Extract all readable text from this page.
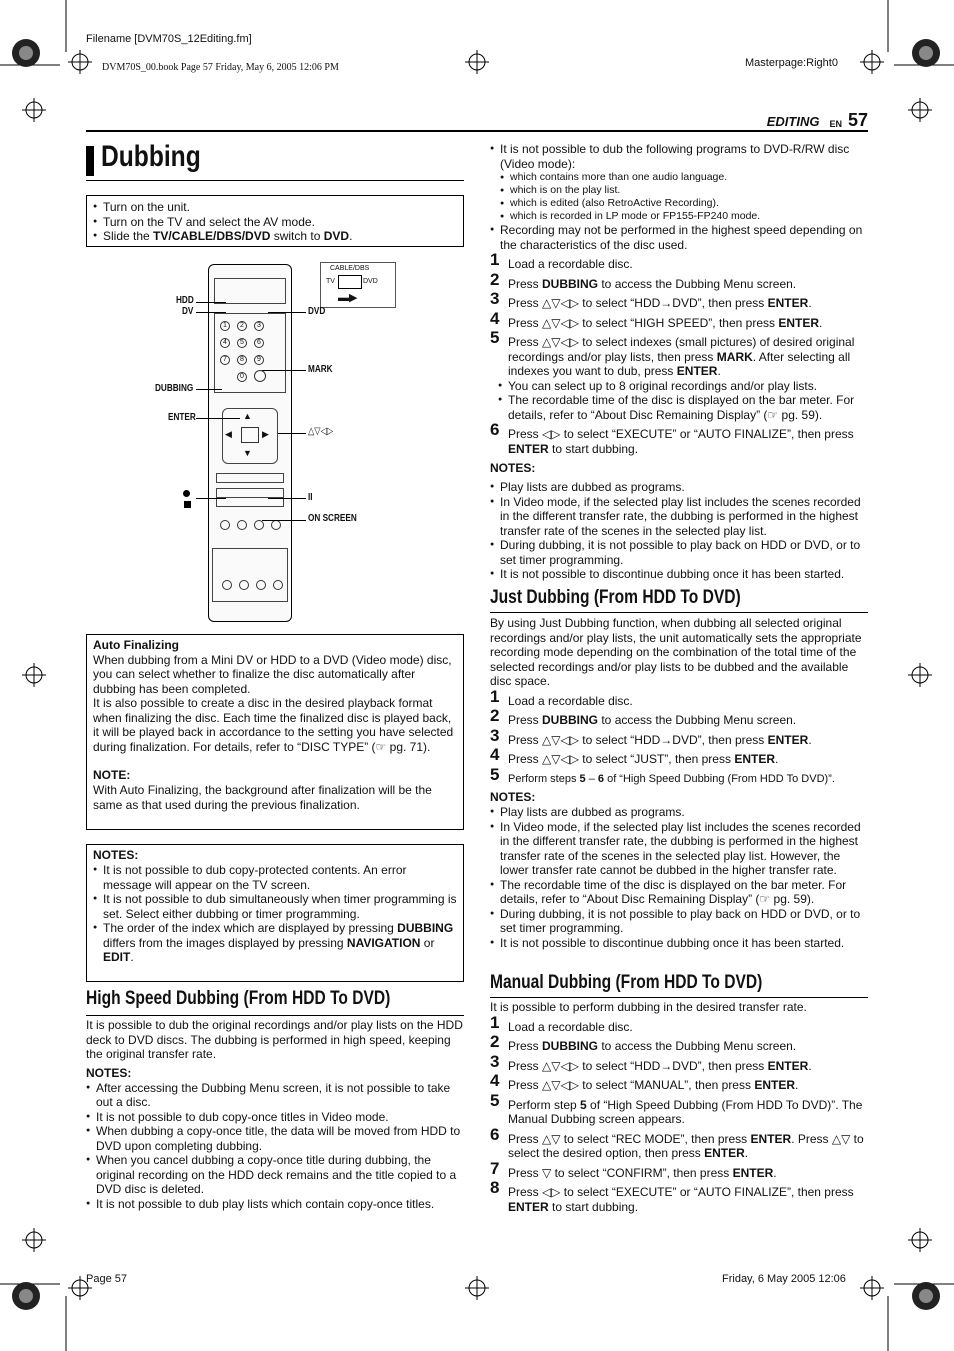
Filename [DVM70S_12Editing.fm]
DVM70S_00.book Page 57 Friday, May 6, 2005 12:06 PM	Masterpage:Right0
Page 57	Friday, 6 May 2005 12:06
EDITING EN 57
Dubbing
● Turn on the unit.
● Turn on the TV and select the AV mode.
● Slide the TV/CABLE/DBS/DVD switch to DVD.
1	2	3
4	5	6
7	8	9
0
▲
▼
◀	▶
CABLE/DBS
TV	DVD
▬▶
HDD
DV	DVD
MARK
DUBBING
ENTER
△▽◁▷
II
ON SCREEN
Auto Finalizing
When dubbing from a Mini DV or HDD to a DVD (Video mode) disc, you can select whether to finalize the disc automatically after dubbing has been completed.
It is also possible to create a disc in the desired playback format when finalizing the disc. Each time the finalized disc is played back, it will be played back in accordance to the setting you have selected during finalization. For details, refer to “DISC TYPE” (☞ pg. 71).
NOTE:
With Auto Finalizing, the background after finalization will be the same as that used during the previous finalization.
NOTES:
● It is not possible to dub copy-protected contents. An error message will appear on the TV screen.
● It is not possible to dub simultaneously when timer programming is set. Select either dubbing or timer programming.
● The order of the index which are displayed by pressing DUBBING differs from the images displayed by pressing NAVIGATION or EDIT.
High Speed Dubbing (From HDD To DVD)
It is possible to dub the original recordings and/or play lists on the HDD deck to DVD discs. The dubbing is performed in high speed, keeping the original transfer rate.
NOTES:
● After accessing the Dubbing Menu screen, it is not possible to take out a disc.
● It is not possible to dub copy-once titles in Video mode.
● When dubbing a copy-once title, the data will be moved from HDD to DVD upon completing dubbing.
● When you cancel dubbing a copy-once title during dubbing, the original recording on the HDD deck remains and the title copied to a DVD disc is deleted.
● It is not possible to dub play lists which contain copy-once titles.
● It is not possible to dub the following programs to DVD-R/RW disc (Video mode):
● which contains more than one audio language.
● which is on the play list.
● which is edited (also RetroActive Recording).
● which is recorded in LP mode or FP155-FP240 mode.
● Recording may not be performed in the highest speed depending on the characteristics of the disc used.
1 Load a recordable disc.
2 Press DUBBING to access the Dubbing Menu screen.
3 Press △▽◁▷ to select “HDD→DVD”, then press ENTER.
4 Press △▽◁▷ to select “HIGH SPEED”, then press ENTER.
5 Press △▽◁▷ to select indexes (small pictures) of desired original recordings and/or play lists, then press MARK. After selecting all indexes you want to dub, press ENTER.
● You can select up to 8 original recordings and/or play lists.
● The recordable time of the disc is displayed on the bar meter. For details, refer to “About Disc Remaining Display” (☞ pg. 59).
6 Press ◁▷ to select “EXECUTE” or “AUTO FINALIZE”, then press ENTER to start dubbing.
NOTES:
● Play lists are dubbed as programs.
● In Video mode, if the selected play list includes the scenes recorded in the different transfer rate, the dubbing is performed in the highest transfer rate of the scenes in the selected play list.
● During dubbing, it is not possible to play back on HDD or DVD, or to set timer programming.
● It is not possible to discontinue dubbing once it has been started.
Just Dubbing (From HDD To DVD)
By using Just Dubbing function, when dubbing all selected original recordings and/or play lists, the unit automatically sets the appropriate recording mode depending on the combination of the total time of the selected recordings and/or play lists to be dubbed and the available disc space.
1 Load a recordable disc.
2 Press DUBBING to access the Dubbing Menu screen.
3 Press △▽◁▷ to select “HDD→DVD”, then press ENTER.
4 Press △▽◁▷ to select “JUST”, then press ENTER.
5 Perform steps 5 – 6 of “High Speed Dubbing (From HDD To DVD)”.
NOTES:
● Play lists are dubbed as programs.
● In Video mode, if the selected play list includes the scenes recorded in the different transfer rate, the dubbing is performed in the highest transfer rate of the scenes in the selected play list. However, the lower transfer rate cannot be dubbed in the higher transfer rate.
● The recordable time of the disc is displayed on the bar meter. For details, refer to “About Disc Remaining Display” (☞ pg. 59).
● During dubbing, it is not possible to play back on HDD or DVD, or to set timer programming.
● It is not possible to discontinue dubbing once it has been started.
Manual Dubbing (From HDD To DVD)
It is possible to perform dubbing in the desired transfer rate.
1 Load a recordable disc.
2 Press DUBBING to access the Dubbing Menu screen.
3 Press △▽◁▷ to select “HDD→DVD”, then press ENTER.
4 Press △▽◁▷ to select “MANUAL”, then press ENTER.
5 Perform step 5 of “High Speed Dubbing (From HDD To DVD)”. The Manual Dubbing screen appears.
6 Press △▽ to select “REC MODE”, then press ENTER. Press △▽ to select the desired option, then press ENTER.
7 Press ▽ to select “CONFIRM”, then press ENTER.
8 Press ◁▷ to select “EXECUTE” or “AUTO FINALIZE”, then press ENTER to start dubbing.
